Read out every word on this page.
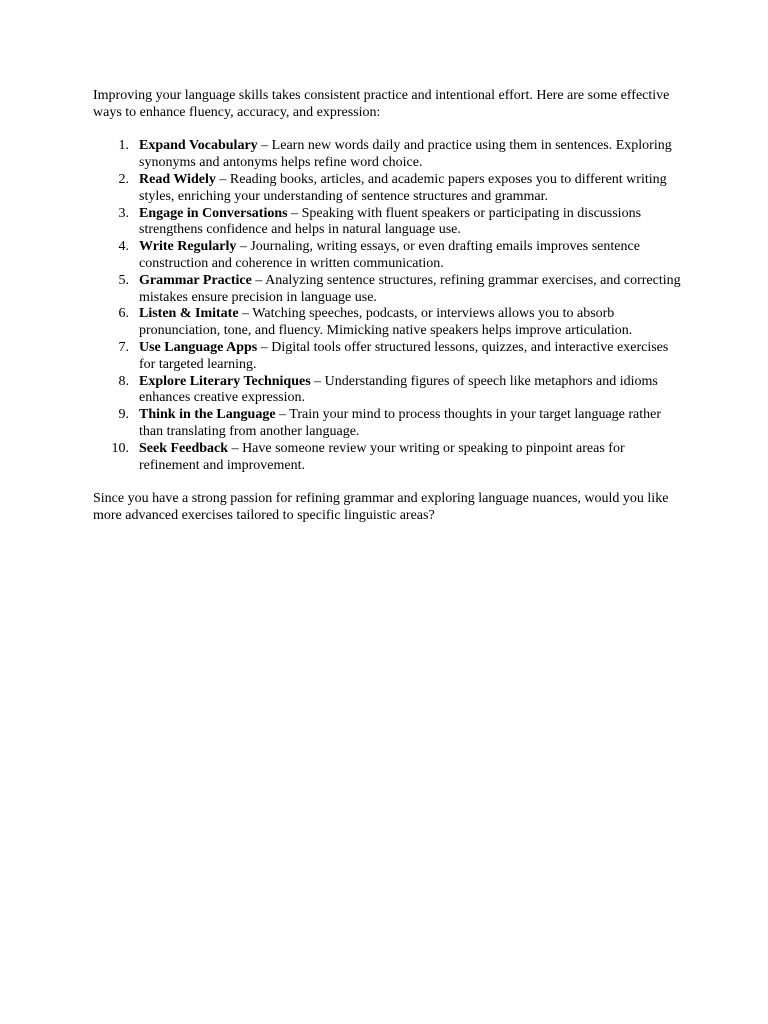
Improving your language skills takes consistent practice and intentional effort. Here are some effective ways to enhance fluency, accuracy, and expression:

1. Expand Vocabulary – Learn new words daily and practice using them in sentences. Exploring synonyms and antonyms helps refine word choice.
2. Read Widely – Reading books, articles, and academic papers exposes you to different writing styles, enriching your understanding of sentence structures and grammar.
3. Engage in Conversations – Speaking with fluent speakers or participating in discussions strengthens confidence and helps in natural language use.
4. Write Regularly – Journaling, writing essays, or even drafting emails improves sentence construction and coherence in written communication.
5. Grammar Practice – Analyzing sentence structures, refining grammar exercises, and correcting mistakes ensure precision in language use.
6. Listen & Imitate – Watching speeches, podcasts, or interviews allows you to absorb pronunciation, tone, and fluency. Mimicking native speakers helps improve articulation.
7. Use Language Apps – Digital tools offer structured lessons, quizzes, and interactive exercises for targeted learning.
8. Explore Literary Techniques – Understanding figures of speech like metaphors and idioms enhances creative expression.
9. Think in the Language – Train your mind to process thoughts in your target language rather than translating from another language.
10. Seek Feedback – Have someone review your writing or speaking to pinpoint areas for refinement and improvement.

Since you have a strong passion for refining grammar and exploring language nuances, would you like more advanced exercises tailored to specific linguistic areas?
